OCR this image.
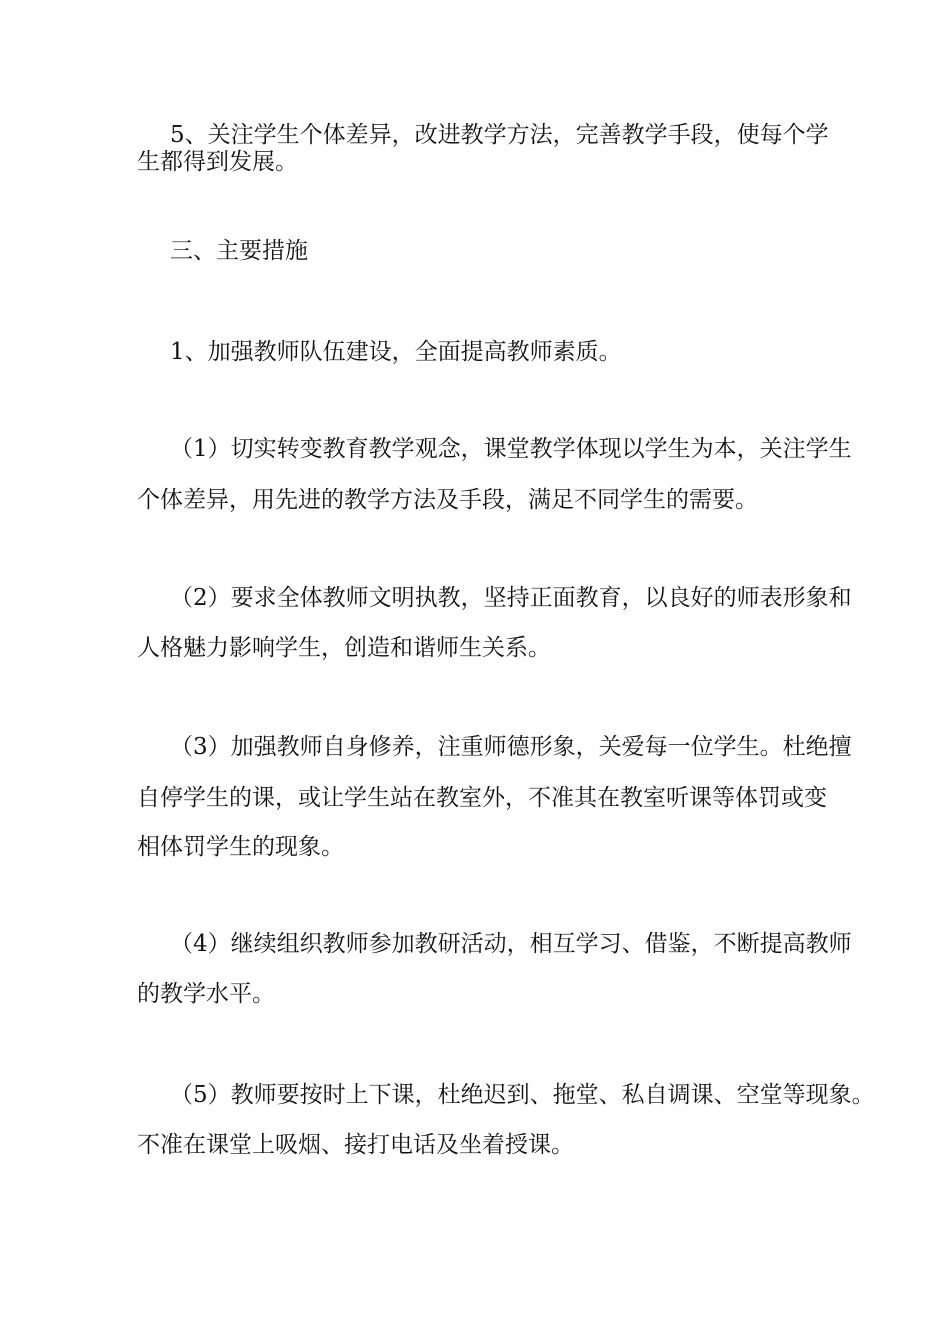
5、关注学生个体差异，改进教学方法，完善教学手段，使每个学
生都得到发展。
三、主要措施
1、加强教师队伍建设，全面提高教师素质。
（1）切实转变教育教学观念，课堂教学体现以学生为本，关注学生
个体差异，用先进的教学方法及手段，满足不同学生的需要。
（2）要求全体教师文明执教，坚持正面教育，以良好的师表形象和
人格魅力影响学生，创造和谐师生关系。
（3）加强教师自身修养，注重师德形象，关爱每一位学生。杜绝擅
自停学生的课，或让学生站在教室外，不准其在教室听课等体罚或变
相体罚学生的现象。
（4）继续组织教师参加教研活动，相互学习、借鉴，不断提高教师
的教学水平。
（5）教师要按时上下课，杜绝迟到、拖堂、私自调课、空堂等现象。
不准在课堂上吸烟、接打电话及坐着授课。
